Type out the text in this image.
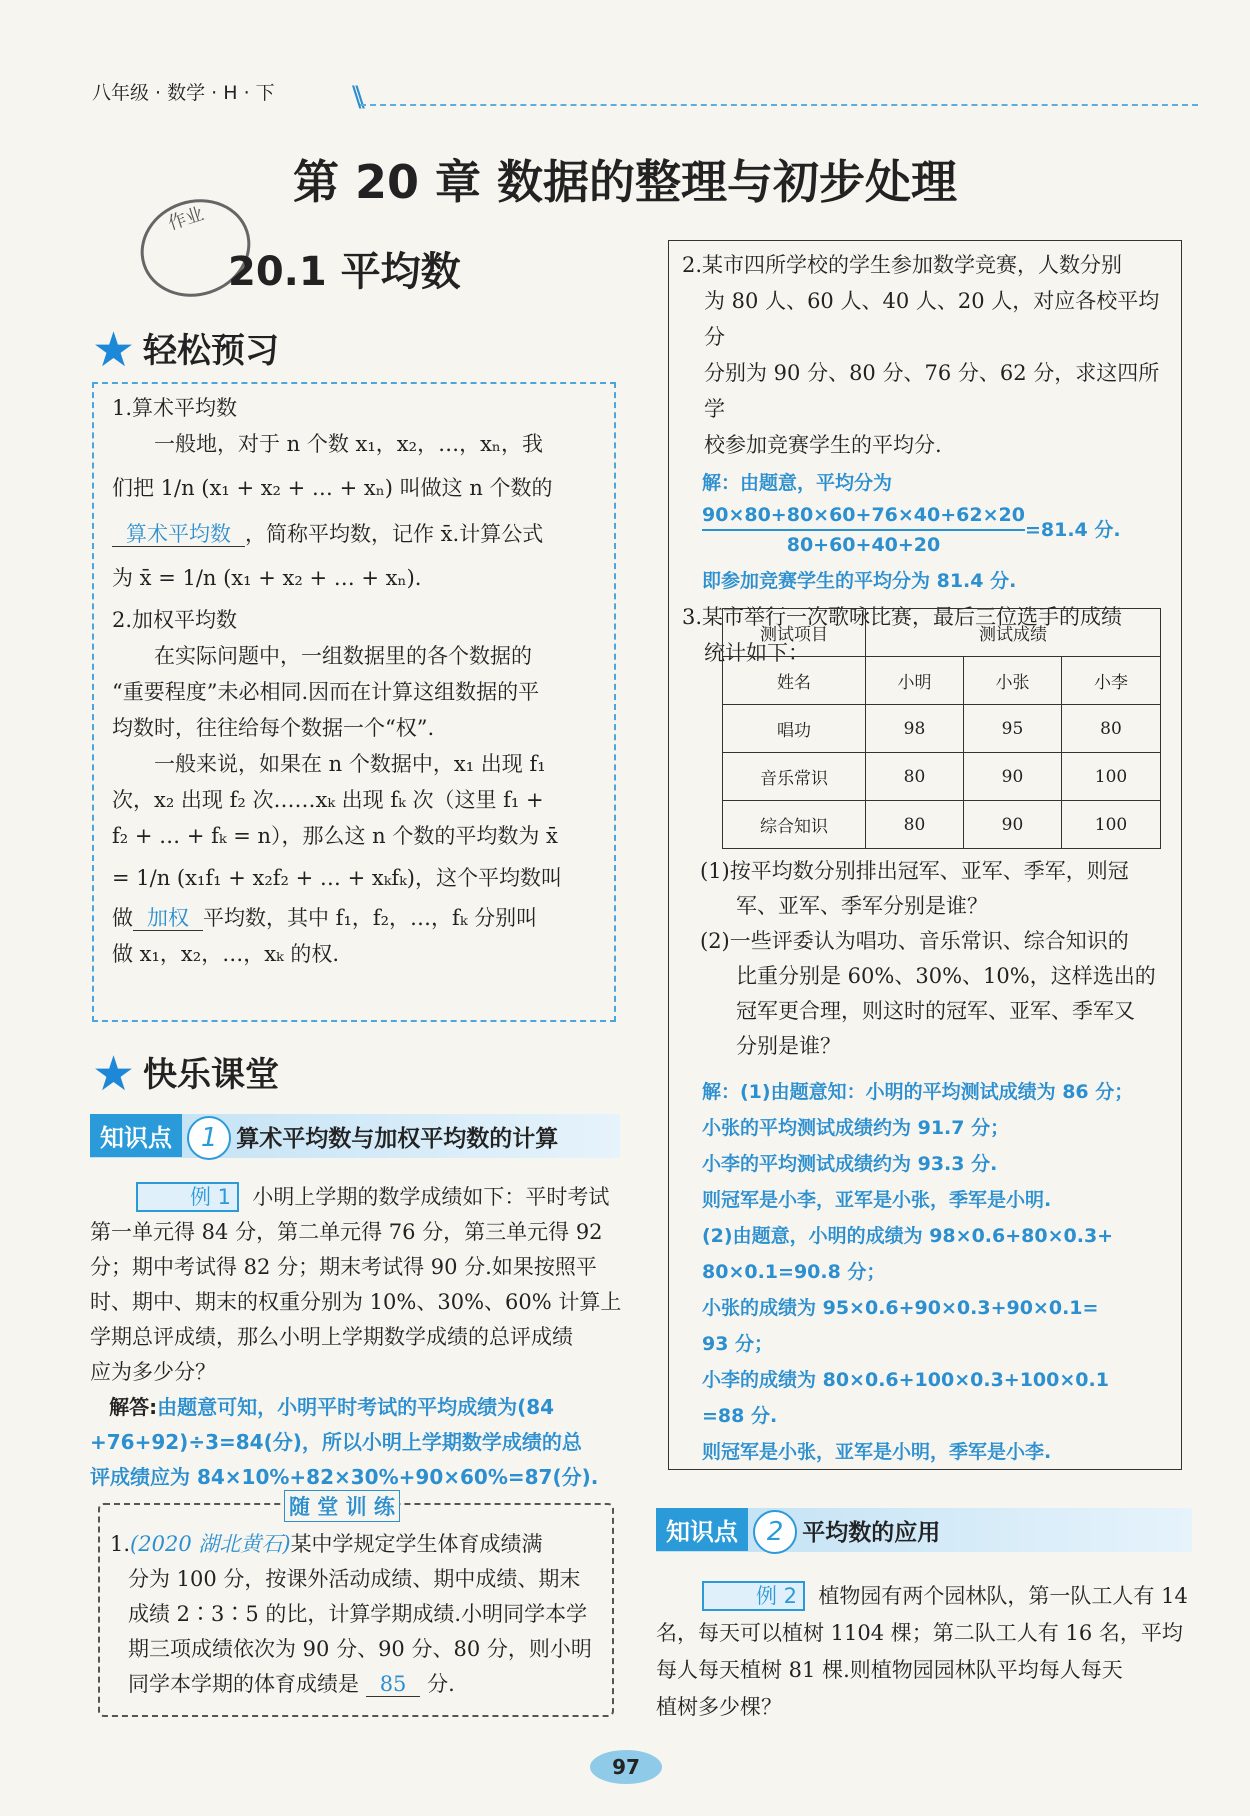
八年级 · 数学 · H · 下	\\
第 20 章 数据的整理与初步处理
作业
20.1 平均数
★ 轻松预习
1.算术平均数
一般地，对于 n 个数 x₁，x₂，…，xₙ，我
们把 1/n (x₁ + x₂ + … + xₙ) 叫做这 n 个数的
算术平均数 ，简称平均数，记作 x̄.计算公式
为 x̄ = 1/n (x₁ + x₂ + … + xₙ).
2.加权平均数
在实际问题中，一组数据里的各个数据的
“重要程度”未必相同.因而在计算这组数据的平
均数时，往往给每个数据一个“权”.
一般来说，如果在 n 个数据中，x₁ 出现 f₁
次，x₂ 出现 f₂ 次……xₖ 出现 fₖ 次（这里 f₁ +
f₂ + … + fₖ = n），那么这 n 个数的平均数为 x̄
= 1/n (x₁f₁ + x₂f₂ + … + xₖfₖ)，这个平均数叫
做 加权 平均数，其中 f₁，f₂，…，fₖ 分别叫
做 x₁，x₂，…，xₖ 的权.
★ 快乐课堂
知识点 1 算术平均数与加权平均数的计算
例 1 小明上学期的数学成绩如下：平时考试
第一单元得 84 分，第二单元得 76 分，第三单元得 92
分；期中考试得 82 分；期末考试得 90 分.如果按照平
时、期中、期末的权重分别为 10%、30%、60% 计算上
学期总评成绩，那么小明上学期数学成绩的总评成绩
应为多少分？
解答:由题意可知，小明平时考试的平均成绩为(84
+76+92)÷3=84(分)，所以小明上学期数学成绩的总
评成绩应为 84×10%+82×30%+90×60%=87(分).
随 堂 训 练
1.(2020 湖北黄石)某中学规定学生体育成绩满
分为 100 分，按课外活动成绩、期中成绩、期末
成绩 2∶3∶5 的比，计算学期成绩.小明同学本学
期三项成绩依次为 90 分、90 分、80 分，则小明
同学本学期的体育成绩是 85 分.
2.某市四所学校的学生参加数学竞赛，人数分别
为 80 人、60 人、40 人、20 人，对应各校平均分
分别为 90 分、80 分、76 分、62 分，求这四所学
校参加竞赛学生的平均分.
解：由题意，平均分为
$\frac{90\times 80+80\times 60+76\times 40+62\times 20}{80+60+40+20} =81.4$ 分.
即参加竞赛学生的平均分为 81.4 分.
3.某市举行一次歌咏比赛，最后三位选手的成绩
统计如下：
测试项目	测试成绩		
姓名	小明	小张	小李
唱功	98	95	80
音乐常识	80	90	100
综合知识	80	90	100
(1)按平均数分别排出冠军、亚军、季军，则冠
军、亚军、季军分别是谁？
(2)一些评委认为唱功、音乐常识、综合知识的
比重分别是 60%、30%、10%，这样选出的
冠军更合理，则这时的冠军、亚军、季军又
分别是谁？
解：(1)由题意知：小明的平均测试成绩为 86 分；
小张的平均测试成绩约为 91.7 分；
小李的平均测试成绩约为 93.3 分.
则冠军是小李，亚军是小张，季军是小明.
(2)由题意，小明的成绩为 98×0.6+80×0.3+
80×0.1=90.8 分；
小张的成绩为 95×0.6+90×0.3+90×0.1=
93 分；
小李的成绩为 80×0.6+100×0.3+100×0.1
=88 分.
则冠军是小张，亚军是小明，季军是小李.
知识点 2 平均数的应用
例 2 植物园有两个园林队，第一队工人有 14
名，每天可以植树 1104 棵；第二队工人有 16 名，平均
每人每天植树 81 棵.则植物园园林队平均每人每天
植树多少棵？
97
